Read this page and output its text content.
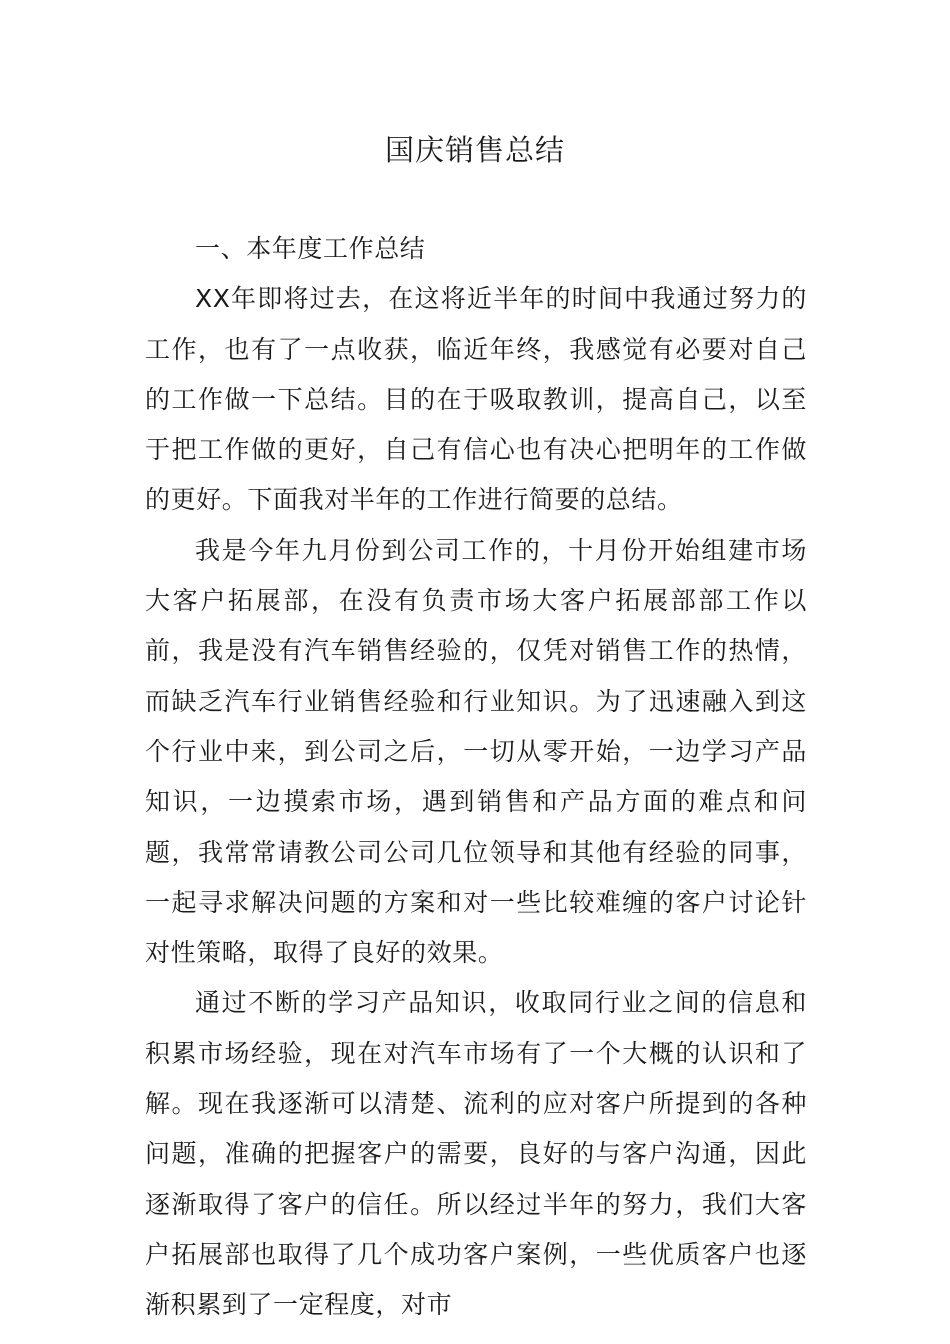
国庆销售总结

一、本年度工作总结

XX年即将过去，在这将近半年的时间中我通过努力的工作，也有了一点收获，临近年终，我感觉有必要对自己的工作做一下总结。目的在于吸取教训，提高自己，以至于把工作做的更好，自己有信心也有决心把明年的工作做的更好。下面我对半年的工作进行简要的总结。

我是今年九月份到公司工作的，十月份开始组建市场大客户拓展部，在没有负责市场大客户拓展部部工作以前，我是没有汽车销售经验的，仅凭对销售工作的热情，而缺乏汽车行业销售经验和行业知识。为了迅速融入到这个行业中来，到公司之后，一切从零开始，一边学习产品知识，一边摸索市场，遇到销售和产品方面的难点和问题，我常常请教公司公司几位领导和其他有经验的同事，一起寻求解决问题的方案和对一些比较难缠的客户讨论针对性策略，取得了良好的效果。

通过不断的学习产品知识，收取同行业之间的信息和积累市场经验，现在对汽车市场有了一个大概的认识和了解。现在我逐渐可以清楚、流利的应对客户所提到的各种问题，准确的把握客户的需要，良好的与客户沟通，因此逐渐取得了客户的信任。所以经过半年的努力，我们大客户拓展部也取得了几个成功客户案例，一些优质客户也逐渐积累到了一定程度，对市
